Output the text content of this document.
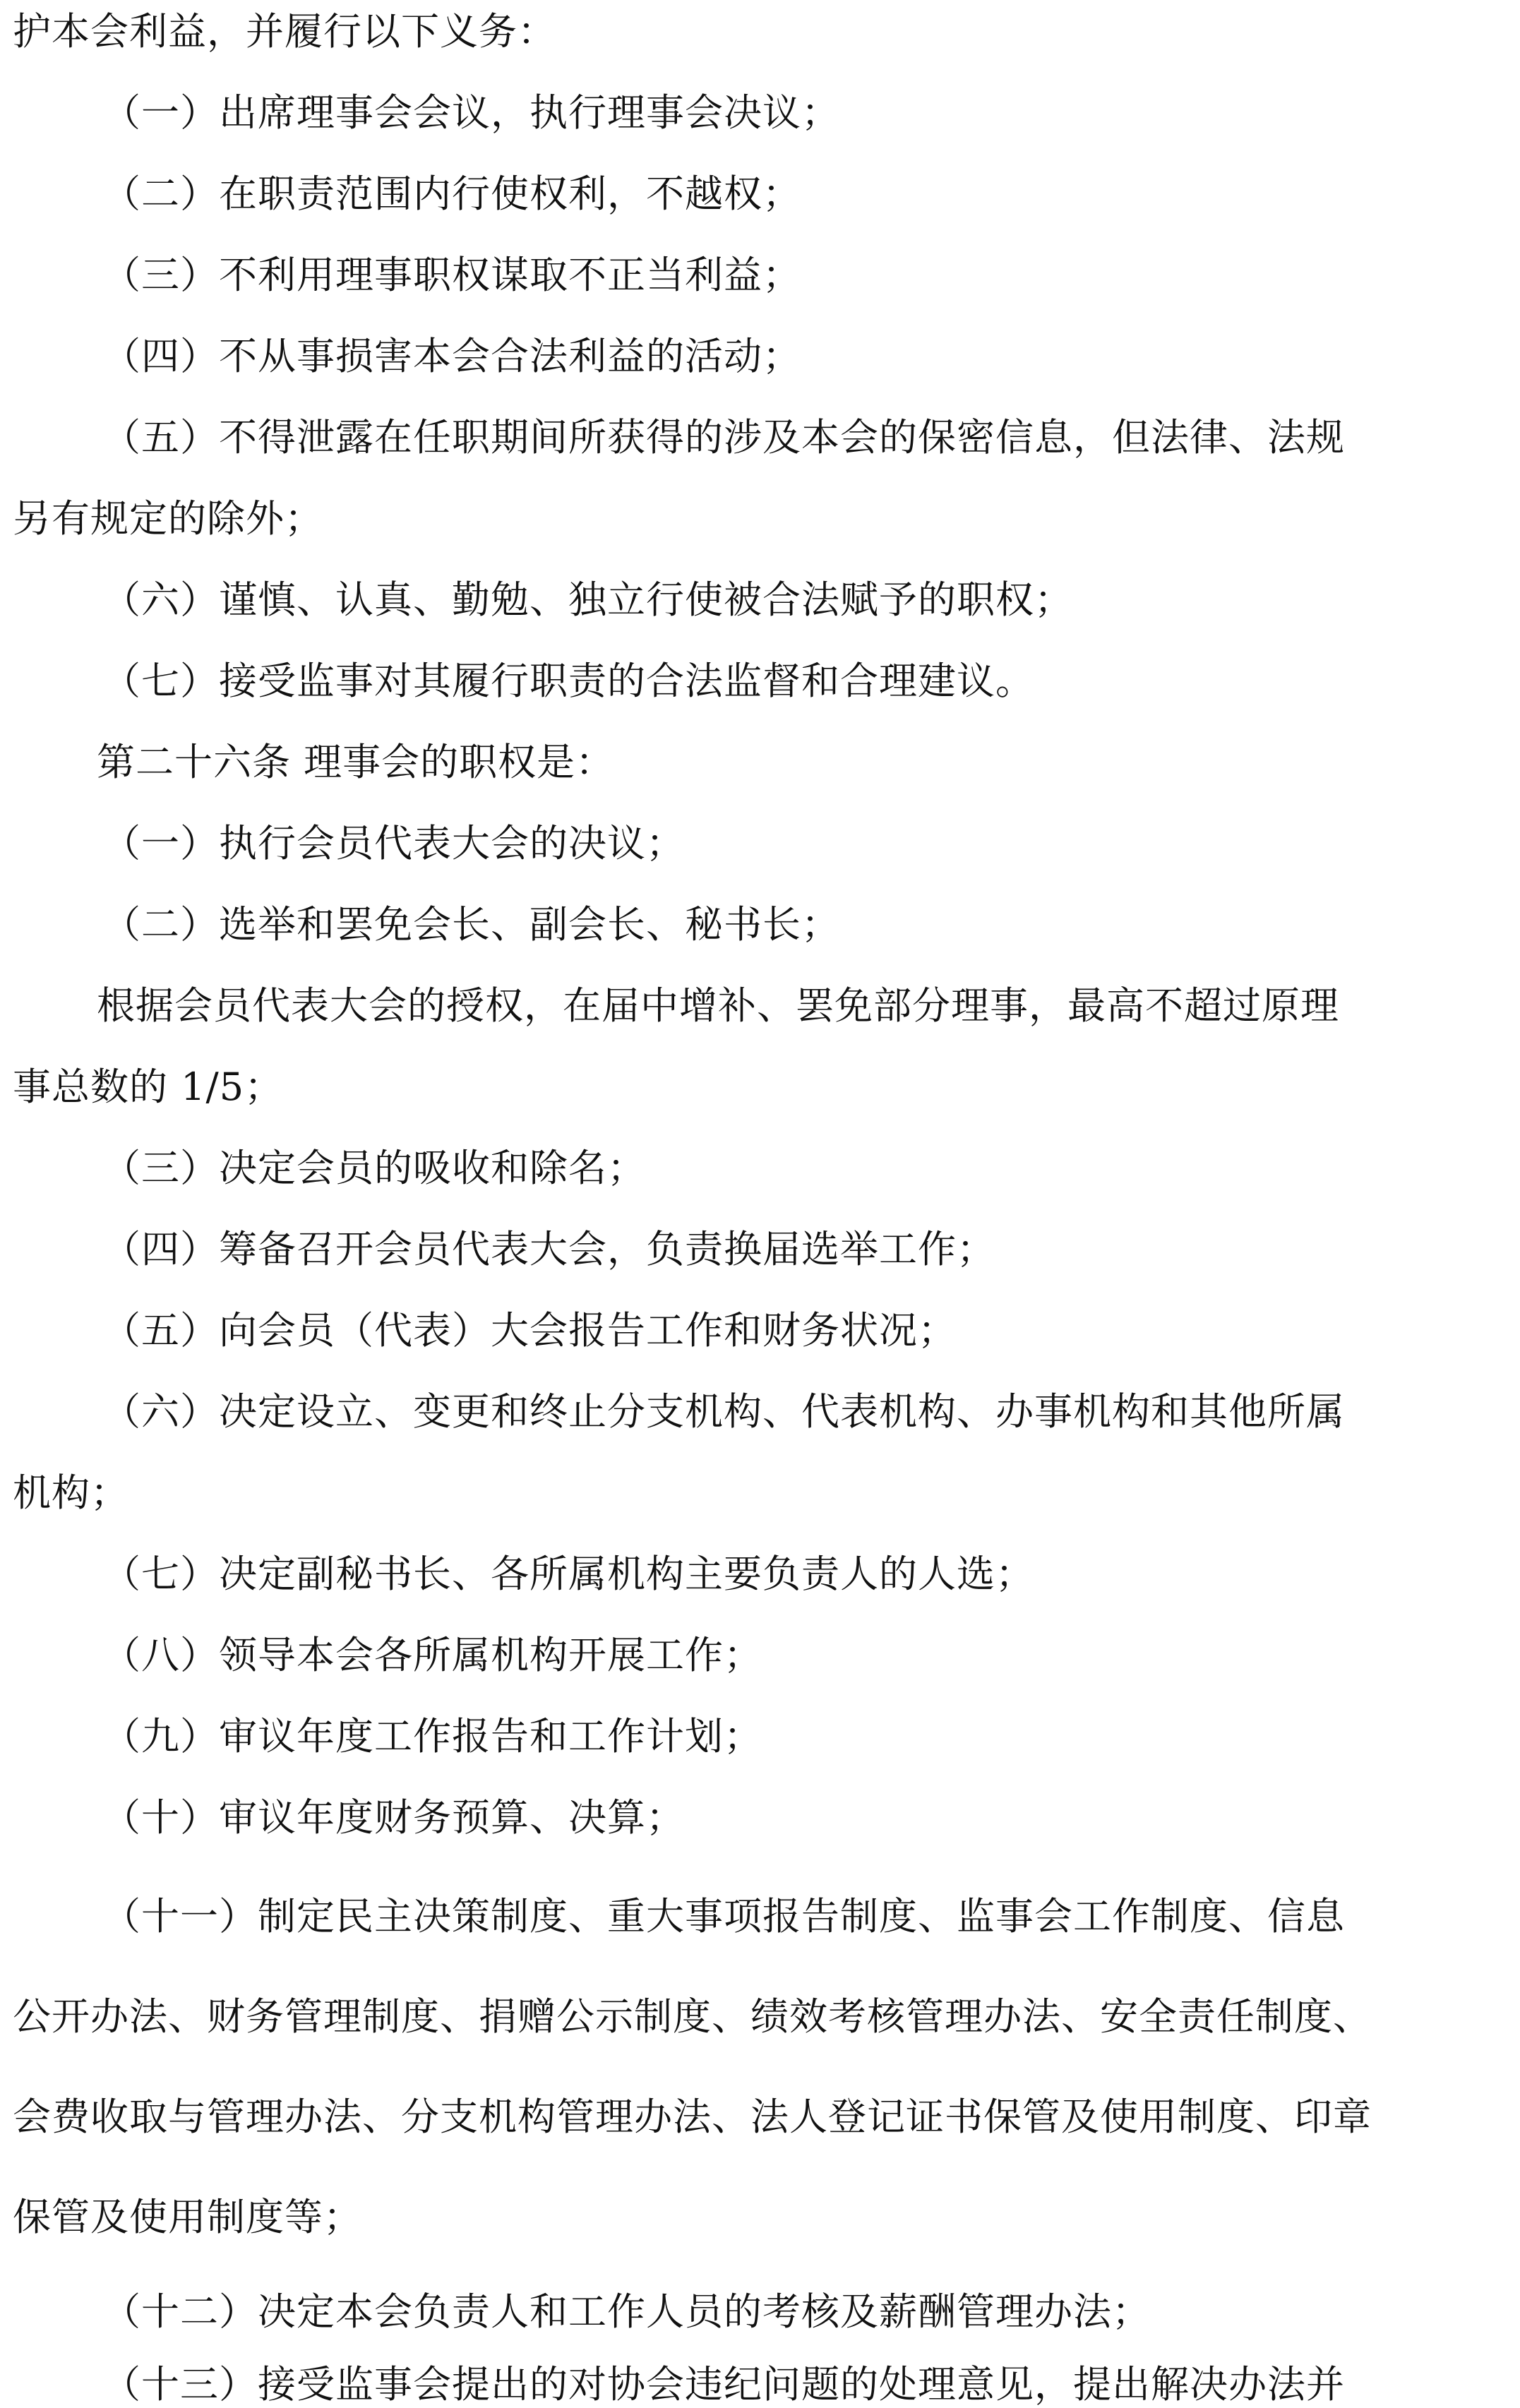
护本会利益，并履行以下义务：
（一）出席理事会会议，执行理事会决议；
（二）在职责范围内行使权利，不越权；
（三）不利用理事职权谋取不正当利益；
（四）不从事损害本会合法利益的活动；
（五）不得泄露在任职期间所获得的涉及本会的保密信息，但法律、法规
另有规定的除外；
（六）谨慎、认真、勤勉、独立行使被合法赋予的职权；
（七）接受监事对其履行职责的合法监督和合理建议。
第二十六条 理事会的职权是：
（一）执行会员代表大会的决议；
（二）选举和罢免会长、副会长、秘书长；
根据会员代表大会的授权，在届中增补、罢免部分理事，最高不超过原理
事总数的 1/5；
（三）决定会员的吸收和除名；
（四）筹备召开会员代表大会，负责换届选举工作；
（五）向会员（代表）大会报告工作和财务状况；
（六）决定设立、变更和终止分支机构、代表机构、办事机构和其他所属
机构；
（七）决定副秘书长、各所属机构主要负责人的人选；
（八）领导本会各所属机构开展工作；
（九）审议年度工作报告和工作计划；
（十）审议年度财务预算、决算；
（十一）制定民主决策制度、重大事项报告制度、监事会工作制度、信息
公开办法、财务管理制度、捐赠公示制度、绩效考核管理办法、安全责任制度、
会费收取与管理办法、分支机构管理办法、法人登记证书保管及使用制度、印章
保管及使用制度等；
（十二）决定本会负责人和工作人员的考核及薪酬管理办法；
（十三）接受监事会提出的对协会违纪问题的处理意见，提出解决办法并
